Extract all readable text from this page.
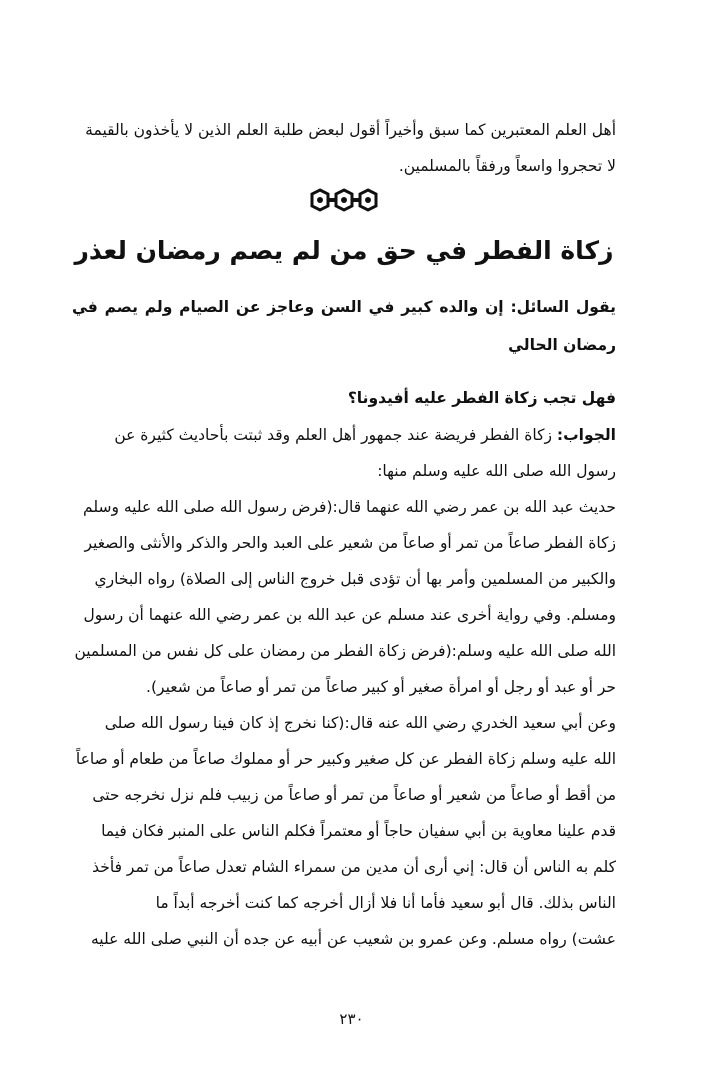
أهل العلم المعتبرين كما سبق وأخيراً أقول لبعض طلبة العلم الذين لا يأخذون بالقيمة

لا تحجروا واسعاً ورفقاً بالمسلمين.

زكاة الفطر في حق من لم يصم رمضان لعذر

يقول السائل: إن والده كبير في السن وعاجز عن الصيام ولم يصم في رمضان الحالي

فهل تجب زكاة الفطر عليه أفيدونا؟

الجواب: زكاة الفطر فريضة عند جمهور أهل العلم وقد ثبتت بأحاديث كثيرة عن

رسول الله صلى الله عليه وسلم منها:

حديث عبد الله بن عمر رضي الله عنهما قال:(فرض رسول الله صلى الله عليه وسلم

زكاة الفطر صاعاً من تمر أو صاعاً من شعير على العبد والحر والذكر والأنثى والصغير

والكبير من المسلمين وأمر بها أن تؤدى قبل خروج الناس إلى الصلاة) رواه البخاري

ومسلم. وفي رواية أخرى عند مسلم عن عبد الله بن عمر رضي الله عنهما أن رسول

الله صلى الله عليه وسلم:(فرض زكاة الفطر من رمضان على كل نفس من المسلمين

حر أو عبد أو رجل أو امرأة صغير أو كبير صاعاً من تمر أو صاعاً من شعير).

وعن أبي سعيد الخدري رضي الله عنه قال:(كنا نخرج إذ كان فينا رسول الله صلى

الله عليه وسلم زكاة الفطر عن كل صغير وكبير حر أو مملوك صاعاً من طعام أو صاعاً

من أقط أو صاعاً من شعير أو صاعاً من تمر أو صاعاً من زبيب فلم نزل نخرجه حتى

قدم علينا معاوية بن أبي سفيان حاجاً أو معتمراً فكلم الناس على المنبر فكان فيما

كلم به الناس أن قال: إني أرى أن مدين من سمراء الشام تعدل صاعاً من تمر فأخذ

الناس بذلك. قال أبو سعيد فأما أنا فلا أزال أخرجه كما كنت أخرجه أبداً ما

عشت) رواه مسلم. وعن عمرو بن شعيب عن أبيه عن جده أن النبي صلى الله عليه

٢٣٠
